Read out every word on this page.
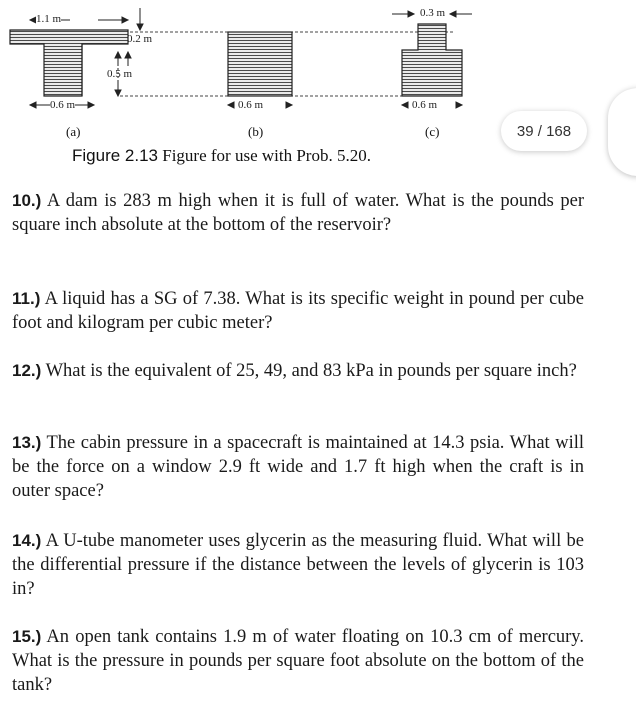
1.1 m
0.2 m
0.5 m
0.6 m	0.6 m
0.3 m
0.6 m
(a)	(b)	(c)
Figure 2.13 Figure for use with Prob. 5.20.
39 / 168
10.) A dam is 283 m high when it is full of water. What is the pounds per square inch absolute at the bottom of the reservoir?
11.) A liquid has a SG of 7.38. What is its specific weight in pound per cube foot and kilogram per cubic meter?
12.) What is the equivalent of 25, 49, and 83 kPa in pounds per square inch?
13.) The cabin pressure in a spacecraft is maintained at 14.3 psia. What will be the force on a window 2.9 ft wide and 1.7 ft high when the craft is in outer space?
14.) A U-tube manometer uses glycerin as the measuring fluid. What will be the differential pressure if the distance between the levels of glycerin is 103 in?
15.) An open tank contains 1.9 m of water floating on 10.3 cm of mercury. What is the pressure in pounds per square foot absolute on the bottom of the tank?
